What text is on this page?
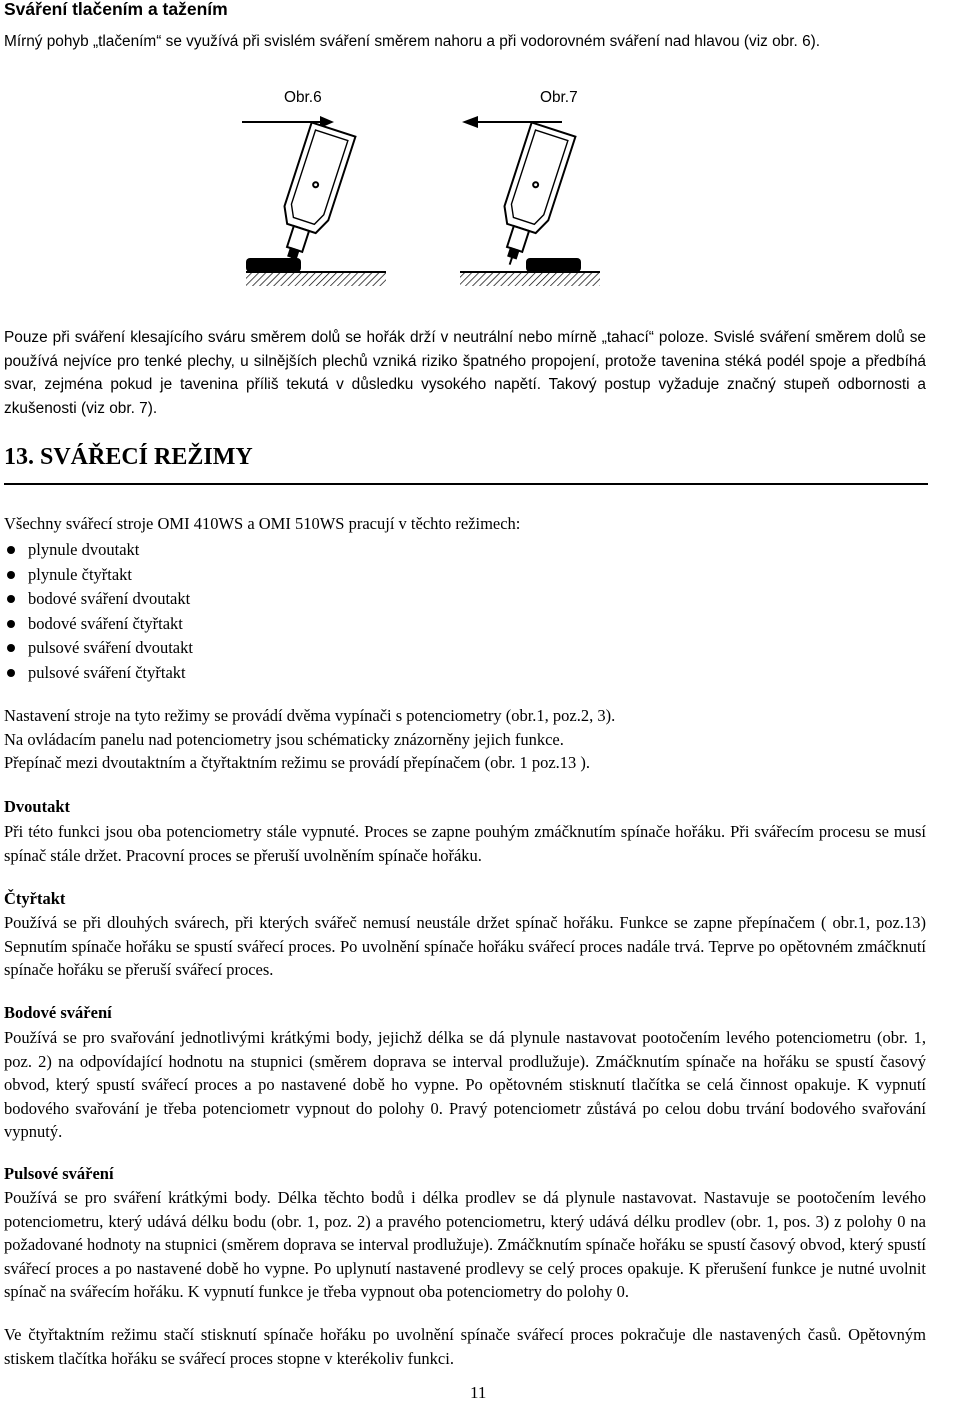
Sváření tlačením a tažením

Mírný pohyb „tlačením“ se využívá při svislém sváření směrem nahoru a při vodorovném sváření nad hlavou (viz obr. 6).

Obr.6	Obr.7

Pouze při sváření klesajícího sváru směrem dolů se hořák drží v neutrální nebo mírně „tahací“ poloze. Svislé sváření směrem dolů se používá nejvíce pro tenké plechy, u silnějších plechů vzniká riziko špatného propojení, protože tavenina stéká podél spoje a předbíhá svar, zejména pokud je tavenina příliš tekutá v důsledku vysokého napětí. Takový postup vyžaduje značný stupeň odbornosti a zkušenosti (viz obr. 7).

13. SVÁŘECÍ REŽIMY
Všechny svářecí stroje OMI 410WS a OMI 510WS pracují v těchto režimech:
plynule dvoutakt
plynule čtyřtakt
bodové sváření dvoutakt
bodové sváření čtyřtakt
pulsové sváření dvoutakt
pulsové sváření čtyřtakt
Nastavení stroje na tyto režimy se provádí dvěma vypínači s potenciometry (obr.1, poz.2, 3).
Na ovládacím panelu nad potenciometry jsou schématicky znázorněny jejich funkce.
Přepínač mezi dvoutaktním a čtyřtaktním režimu se provádí přepínačem (obr. 1 poz.13 ).
Dvoutakt

Při této funkci jsou oba potenciometry stále vypnuté. Proces se zapne pouhým zmáčknutím spínače hořáku. Při svářecím procesu se musí spínač stále držet. Pracovní proces se přeruší uvolněním spínače hořáku.

Čtyřtakt

Používá se při dlouhých svárech, při kterých svářeč nemusí neustále držet spínač hořáku. Funkce se zapne přepínačem ( obr.1, poz.13) Sepnutím spínače hořáku se spustí svářecí proces. Po uvolnění spínače hořáku svářecí proces nadále trvá. Teprve po opětovném zmáčknutí spínače hořáku se přeruší svářecí proces.

Bodové sváření

Používá se pro svařování jednotlivými krátkými body, jejichž délka se dá plynule nastavovat pootočením levého potenciometru (obr. 1, poz. 2) na odpovídající hodnotu na stupnici (směrem doprava se interval prodlužuje). Zmáčknutím spínače na hořáku se spustí časový obvod, který spustí svářecí proces a po nastavené době ho vypne. Po opětovném stisknutí tlačítka se celá činnost opakuje. K vypnutí bodového svařování je třeba potenciometr vypnout do polohy 0. Pravý potenciometr zůstává po celou dobu trvání bodového svařování vypnutý.

Pulsové sváření

Používá se pro sváření krátkými body. Délka těchto bodů i délka prodlev se dá plynule nastavovat. Nastavuje se pootočením levého potenciometru, který udává délku bodu (obr. 1, poz. 2) a pravého potenciometru, který udává délku prodlev (obr. 1, pos. 3) z polohy 0 na požadované hodnoty na stupnici (směrem doprava se interval prodlužuje). Zmáčknutím spínače hořáku se spustí časový obvod, který spustí svářecí proces a po nastavené době ho vypne. Po uplynutí nastavené prodlevy se celý proces opakuje. K přerušení funkce je nutné uvolnit spínač na svářecím hořáku. K vypnutí funkce je třeba vypnout oba potenciometry do polohy 0.

Ve čtyřtaktním režimu stačí stisknutí spínače hořáku po uvolnění spínače svářecí proces pokračuje dle nastavených časů. Opětovným stiskem tlačítka hořáku se svářecí proces stopne v kterékoliv funkci.

11
